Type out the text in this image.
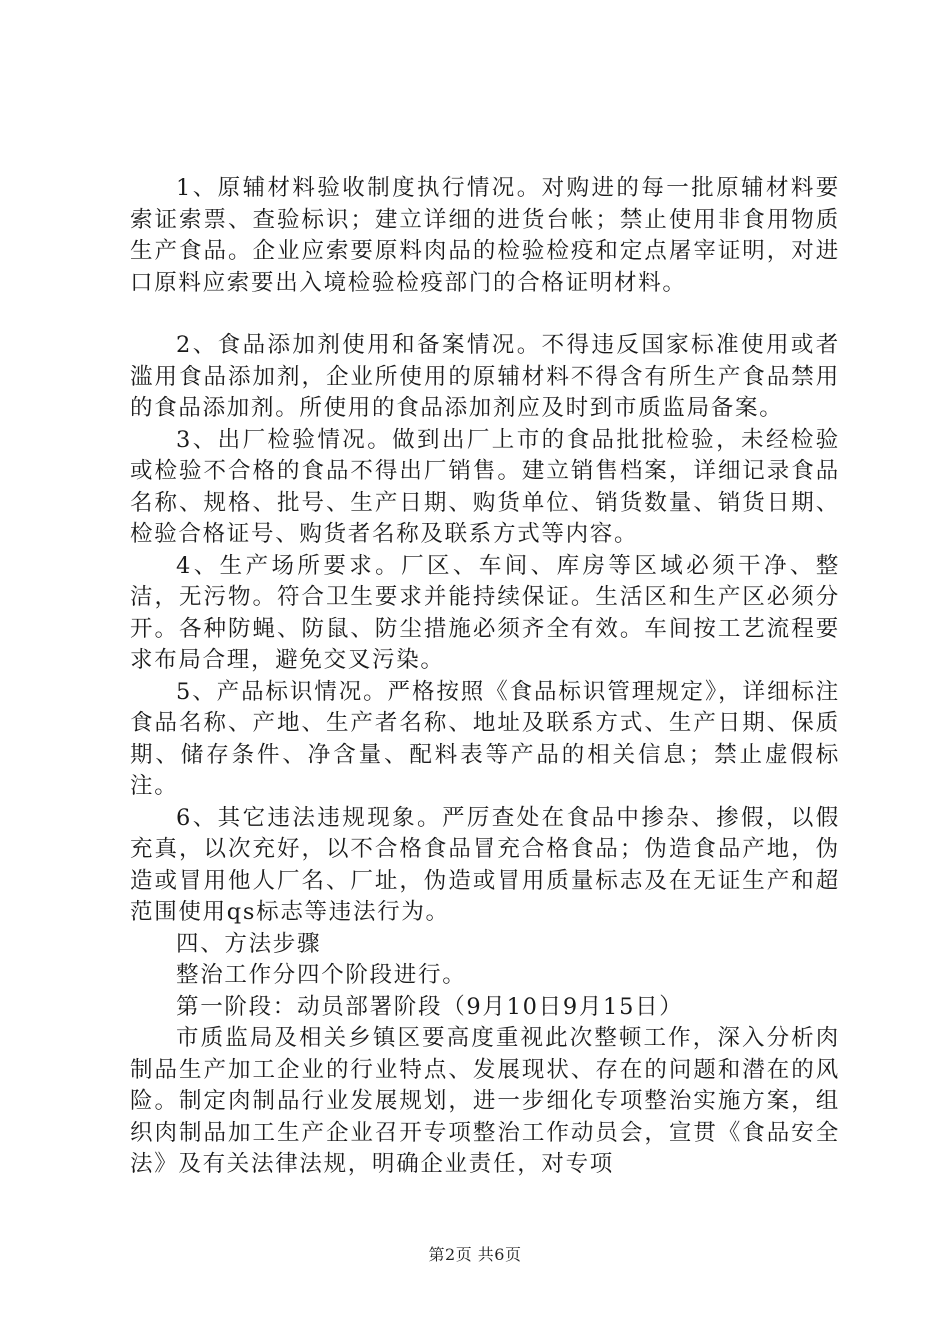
1、原辅材料验收制度执行情况。对购进的每一批原辅材料要索证索票、查验标识；建立详细的进货台帐；禁止使用非食用物质生产食品。企业应索要原料肉品的检验检疫和定点屠宰证明，对进口原料应索要出入境检验检疫部门的合格证明材料。

2、食品添加剂使用和备案情况。不得违反国家标准使用或者滥用食品添加剂，企业所使用的原辅材料不得含有所生产食品禁用的食品添加剂。所使用的食品添加剂应及时到市质监局备案。

3、出厂检验情况。做到出厂上市的食品批批检验，未经检验或检验不合格的食品不得出厂销售。建立销售档案，详细记录食品名称、规格、批号、生产日期、购货单位、销货数量、销货日期、检验合格证号、购货者名称及联系方式等内容。

4、生产场所要求。厂区、车间、库房等区域必须干净、整洁，无污物。符合卫生要求并能持续保证。生活区和生产区必须分开。各种防蝇、防鼠、防尘措施必须齐全有效。车间按工艺流程要求布局合理，避免交叉污染。

5、产品标识情况。严格按照《食品标识管理规定》，详细标注食品名称、产地、生产者名称、地址及联系方式、生产日期、保质期、储存条件、净含量、配料表等产品的相关信息；禁止虚假标注。

6、其它违法违规现象。严厉查处在食品中掺杂、掺假，以假充真，以次充好，以不合格食品冒充合格食品；伪造食品产地，伪造或冒用他人厂名、厂址，伪造或冒用质量标志及在无证生产和超范围使用qs标志等违法行为。

四、方法步骤

整治工作分四个阶段进行。

第一阶段：动员部署阶段（9月10日9月15日）

市质监局及相关乡镇区要高度重视此次整顿工作，深入分析肉制品生产加工企业的行业特点、发展现状、存在的问题和潜在的风险。制定肉制品行业发展规划，进一步细化专项整治实施方案，组织肉制品加工生产企业召开专项整治工作动员会，宣贯《食品安全法》及有关法律法规，明确企业责任，对专项

第2页 共6页
